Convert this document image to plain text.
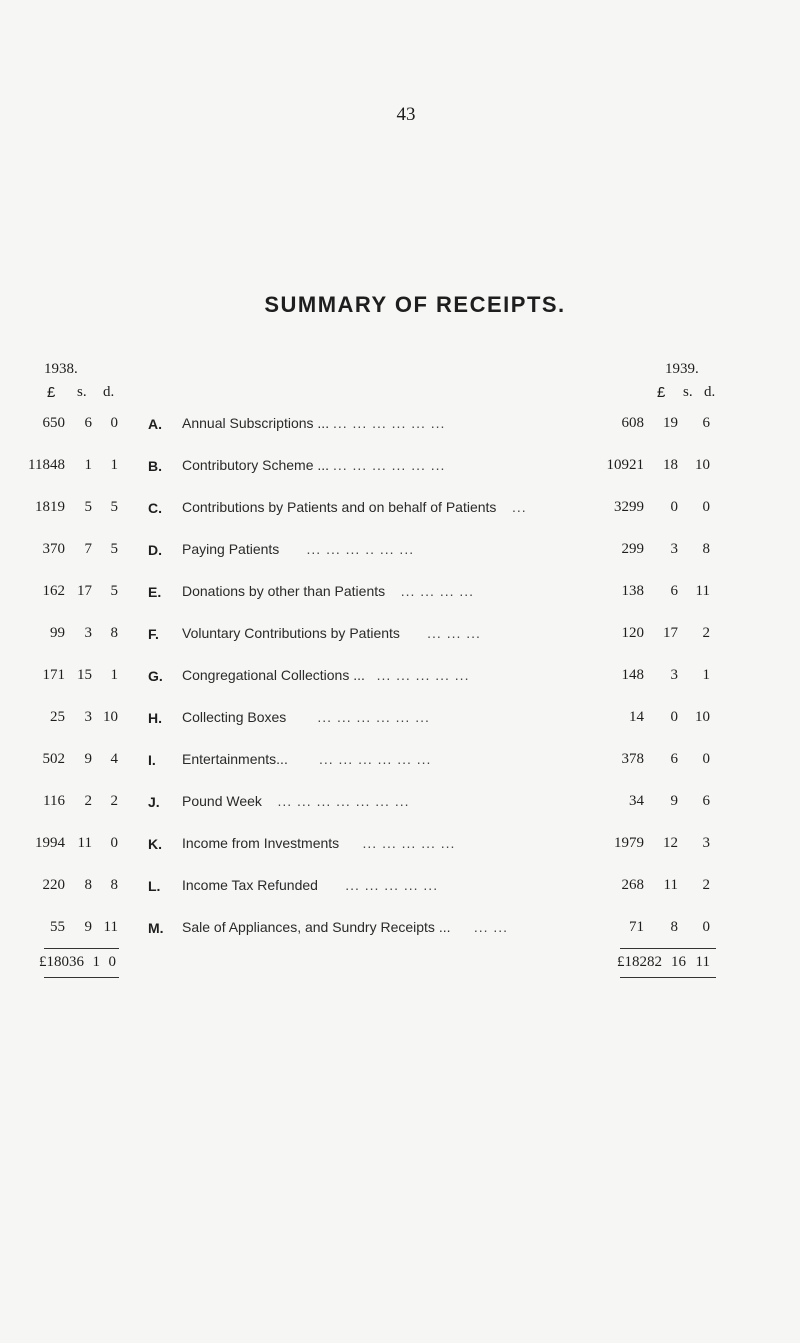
43
SUMMARY OF RECEIPTS.
1938.	1939.
£ s. d.	£ s. d.
650	6	0 A. Annual Subscriptions ... ... ... ... ... ... ...	608	19	6
11848	1	1 B. Contributory Scheme ... ... ... ... ... ... ...	10921	18	10
1819	5	5 C. Contributions by Patients and on behalf of Patients ...	3299	0	0
370	7	5 D. Paying Patients ... ... ... .. ... ...	299	3	8
162 17	5 E. Donations by other than Patients ... ... ... ...	138	6	11
99	3	8 F. Voluntary Contributions by Patients ... ... ...	120	17	2
171 15	1 G. Congregational Collections ... ... ... ... ... ...	148	3	1
25	3 10 H. Collecting Boxes ... ... ... ... ... ...	14	0	10
502	9	4 I. Entertainments... ... ... ... ... ... ...	378	6	0
116	2	2 J. Pound Week ... ... ... ... ... ... ...	34	9	6
1994 11	0 K. Income from Investments ... ... ... ... ...	1979	12	3
220	8	8 L. Income Tax Refunded ... ... ... ... ...	268	11	2
55	9 11 M. Sale of Appliances, and Sundry Receipts ... ... ...	71	8	0
£18036 1 0	£18282 16 11
